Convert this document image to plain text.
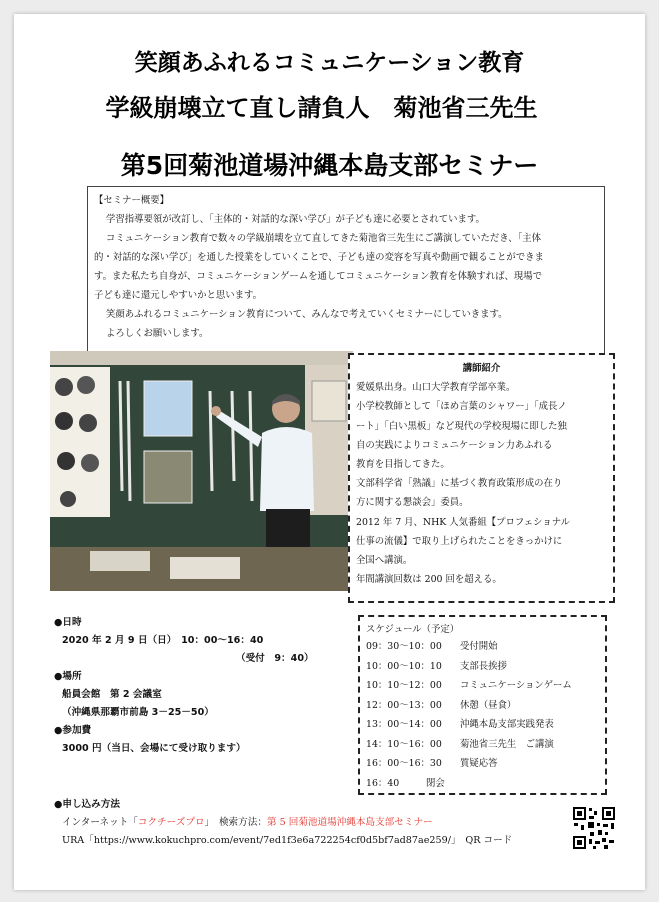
笑顔あふれるコミュニケーション教育
学級崩壊立て直し請負人　菊池省三先生
第5回菊池道場沖縄本島支部セミナー

【セミナー概要】

学習指導要領が改訂し、「主体的・対話的な深い学び」が子ども達に必要とされています。

コミュニケーション教育で数々の学級崩壊を立て直してきた菊池省三先生にご講演していただき、「主体

的・対話的な深い学び」を通した授業をしていくことで、子ども達の変容を写真や動画で観ることができま

す。また私たち自身が、コミュニケーションゲームを通してコミュニケーション教育を体験すれば、現場で

子ども達に還元しやすいかと思います。

笑顔あふれるコミュニケーション教育について、みんなで考えていくセミナーにしていきます。

よろしくお願いします。

講師紹介

愛媛県出身。山口大学教育学部卒業。

小学校教師として「ほめ言葉のシャワー」「成長ノ

ート」「白い黒板」など現代の学校現場に即した独

自の実践によりコミュニケーション力あふれる

教育を目指してきた。

文部科学省「熟議」に基づく教育政策形成の在り

方に関する懇談会」委員。

2012 年 7 月、NHK 人気番組【プロフェショナル

仕事の流儀】で取り上げられたことをきっかけに

全国へ講演。

年間講演回数は 200 回を超える。

●日時
2020 年 2 月 9 日（日）　10：00～16：40
（受付　9：40）
●場所
船員会館　第 2 会議室
（沖縄県那覇市前島 3－25－50）
●参加費
3000 円（当日、会場にて受け取ります）
スケジュール（予定）
09：30～10：00 受付開始
10：00～10：10 支部長挨拶
10：10～12：00 コミュニケーションゲーム
12：00～13：00 休憩（昼食）
13：00～14：00 沖縄本島支部実践発表
14：10～16：00 菊池省三先生　ご講演
16：00～16：30 質疑応答
16：40	閉会
●申し込み方法
インターネット「コクチーズプロ」　検索方法：第 5 回菊池道場沖縄本島支部セミナー
URA「https://www.kokuchpro.com/event/7ed1f3e6a722254cf0d5bf7ad87ae259/」　QR コード
